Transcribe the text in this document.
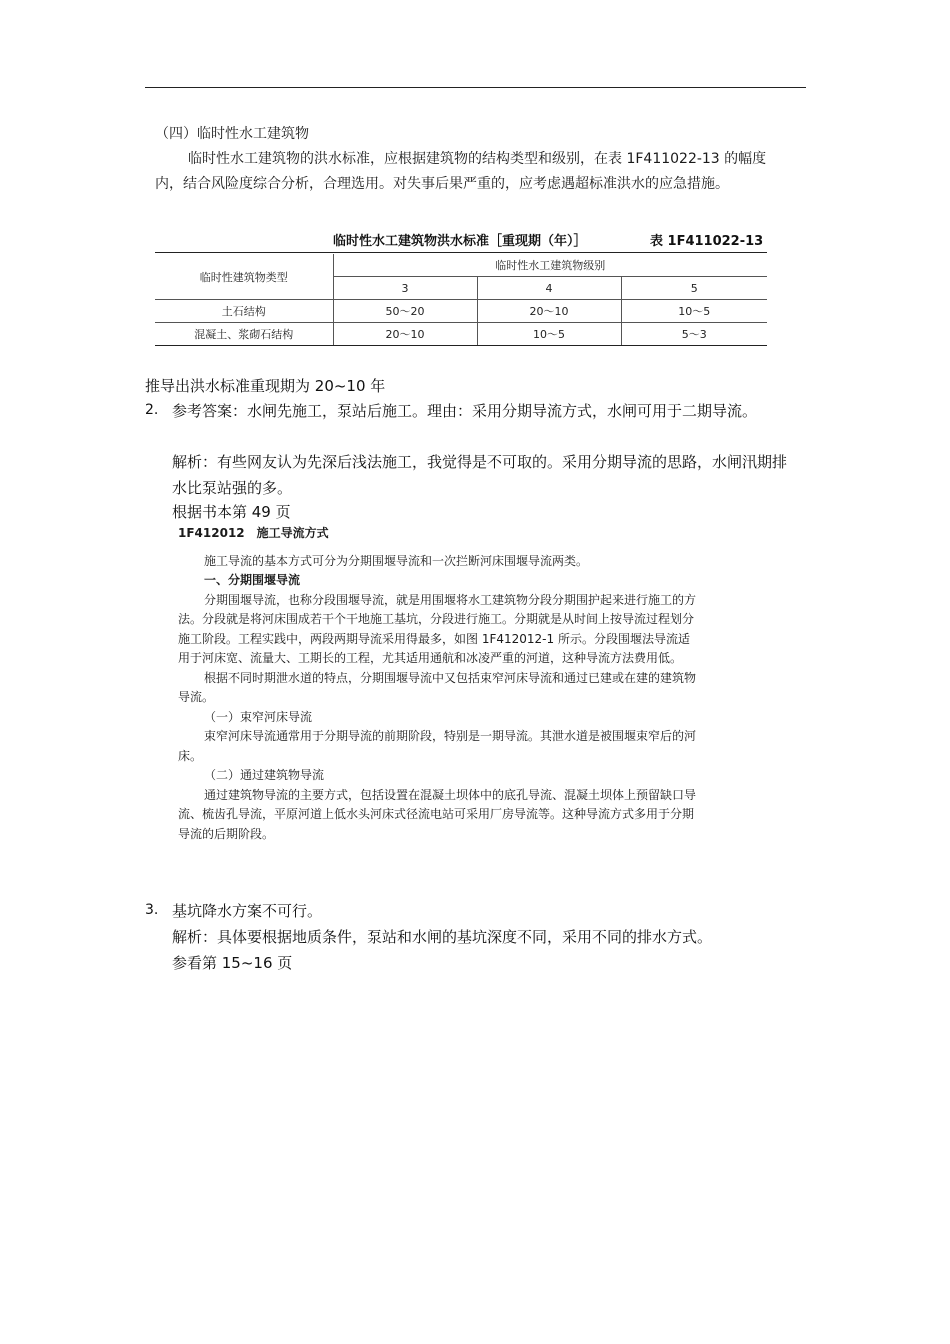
（四）临时性水工建筑物

临时性水工建筑物的洪水标准，应根据建筑物的结构类型和级别，在表 1F411022-13 的幅度内，结合风险度综合分析，合理选用。对失事后果严重的，应考虑遇超标准洪水的应急措施。

临时性水工建筑物洪水标准［重现期（年）］	表 1F411022-13
临时性建筑物类型	临时性水工建筑物级别		
	3	4	5
土石结构	50～20	20～10	10～5
混凝土、浆砌石结构	20～10	10～5	5～3
推导出洪水标准重现期为 20~10 年
2. 参考答案：水闸先施工，泵站后施工。理由：采用分期导流方式，水闸可用于二期导流。
解析：有些网友认为先深后浅法施工，我觉得是不可取的。采用分期导流的思路，水闸汛期排水比泵站强的多。
根据书本第 49 页

1F412012　施工导流方式

施工导流的基本方式可分为分期围堰导流和一次拦断河床围堰导流两类。

一、分期围堰导流

分期围堰导流，也称分段围堰导流，就是用围堰将水工建筑物分段分期围护起来进行施工的方法。分段就是将河床围成若干个干地施工基坑，分段进行施工。分期就是从时间上按导流过程划分施工阶段。工程实践中，两段两期导流采用得最多，如图 1F412012-1 所示。分段围堰法导流适用于河床宽、流量大、工期长的工程，尤其适用通航和冰凌严重的河道，这种导流方法费用低。

根据不同时期泄水道的特点，分期围堰导流中又包括束窄河床导流和通过已建或在建的建筑物导流。

（一）束窄河床导流

束窄河床导流通常用于分期导流的前期阶段，特别是一期导流。其泄水道是被围堰束窄后的河床。

（二）通过建筑物导流

通过建筑物导流的主要方式，包括设置在混凝土坝体中的底孔导流、混凝土坝体上预留缺口导流、梳齿孔导流，平原河道上低水头河床式径流电站可采用厂房导流等。这种导流方式多用于分期导流的后期阶段。

3. 基坑降水方案不可行。
解析：具体要根据地质条件，泵站和水闸的基坑深度不同，采用不同的排水方式。
参看第 15~16 页
